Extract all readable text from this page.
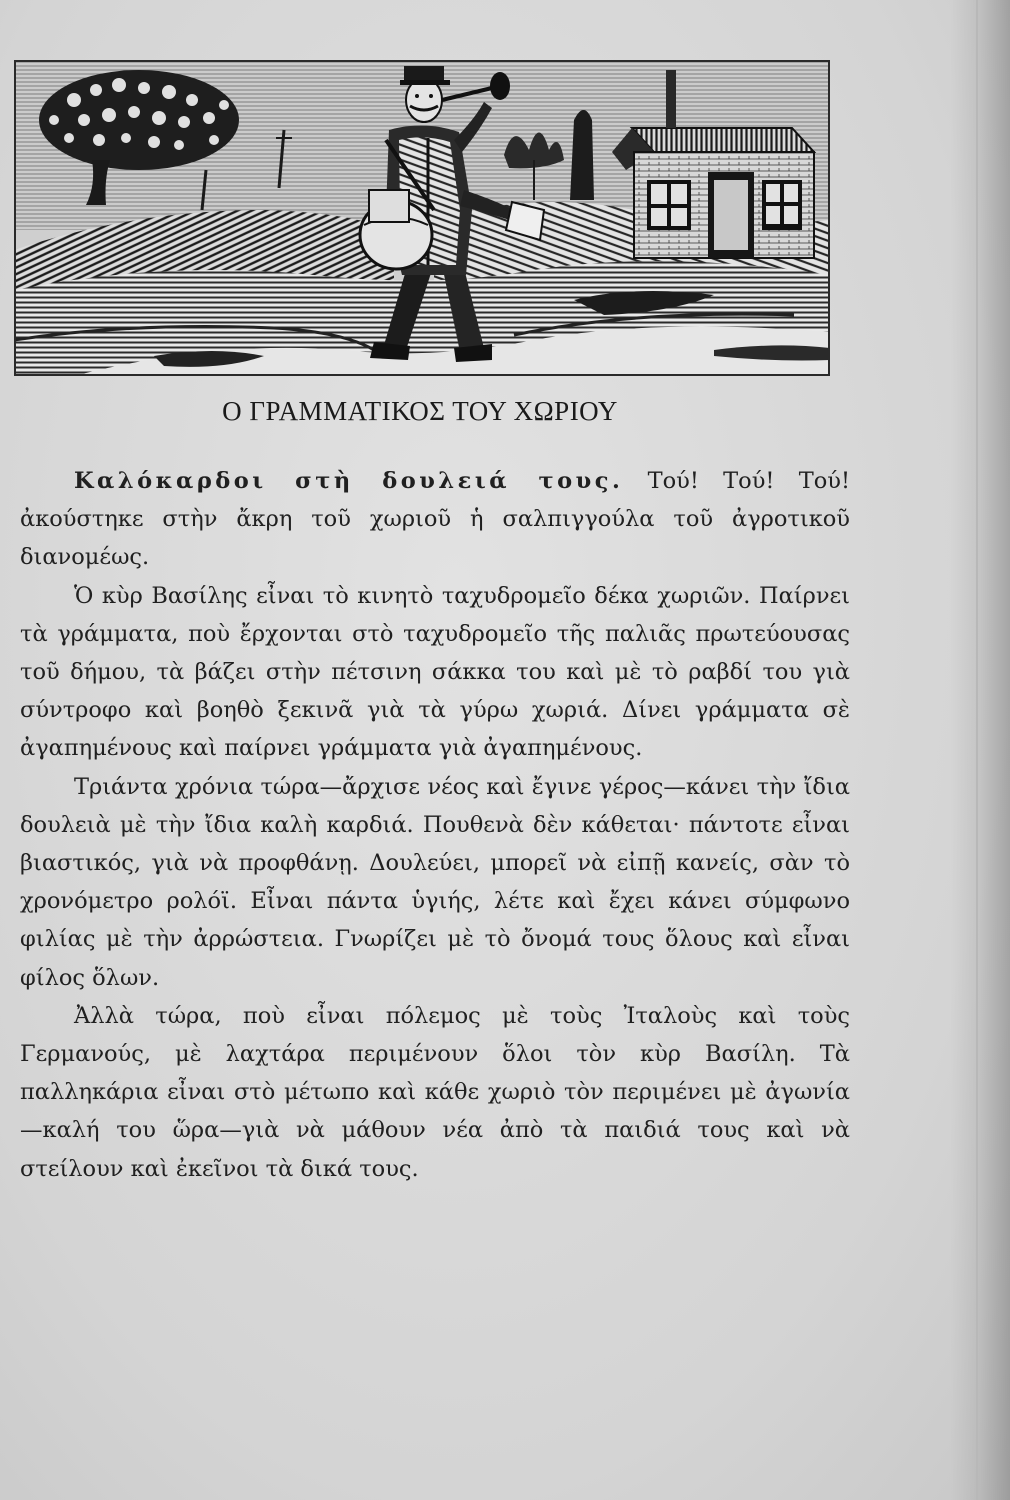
Ο ΓΡΑΜΜΑΤΙΚΟΣ ΤΟΥ ΧΩΡΙΟΥ

Καλόκαρδοι στὴ δουλειά τους. Τού! Τού! Τού! ἀκούστηκε στὴν ἄκρη τοῦ χωριοῦ ἡ σαλπιγγούλα τοῦ ἀγροτικοῦ διανομέως.

Ὁ κὺρ Βασίλης εἶναι τὸ κινητὸ ταχυδρομεῖο δέκα χωριῶν. Παίρνει τὰ γράμματα, ποὺ ἔρχονται στὸ ταχυδρομεῖο τῆς παλιᾶς πρωτεύουσας τοῦ δήμου, τὰ βάζει στὴν πέτσινη σάκκα του καὶ μὲ τὸ ραβδί του γιὰ σύντροφο καὶ βοηθὸ ξεκινᾶ γιὰ τὰ γύρω χωριά. Δίνει γράμματα σὲ ἀγαπημένους καὶ παίρνει γράμματα γιὰ ἀγαπημένους.

Τριάντα χρόνια τώρα—ἄρχισε νέος καὶ ἔγινε γέρος—κάνει τὴν ἴδια δουλειὰ μὲ τὴν ἴδια καλὴ καρδιά. Πουθενὰ δὲν κάθεται· πάντοτε εἶναι βιαστικός, γιὰ νὰ προφθάνῃ. Δουλεύει, μπορεῖ νὰ εἰπῇ κανείς, σὰν τὸ χρονόμετρο ρολόϊ. Εἶναι πάντα ὑγιής, λέτε καὶ ἔχει κάνει σύμφωνο φιλίας μὲ τὴν ἀρρώστεια. Γνωρίζει μὲ τὸ ὄνομά τους ὅλους καὶ εἶναι φίλος ὅλων.

Ἀλλὰ τώρα, ποὺ εἶναι πόλεμος μὲ τοὺς Ἰταλοὺς καὶ τοὺς Γερμανούς, μὲ λαχτάρα περιμένουν ὅλοι τὸν κὺρ Βασίλη. Τὰ παλληκάρια εἶναι στὸ μέτωπο καὶ κάθε χωριὸ τὸν περιμένει μὲ ἀγωνία—καλή του ὥρα—γιὰ νὰ μάθουν νέα ἀπὸ τὰ παιδιά τους καὶ νὰ στείλουν καὶ ἐκεῖνοι τὰ δικά τους.
